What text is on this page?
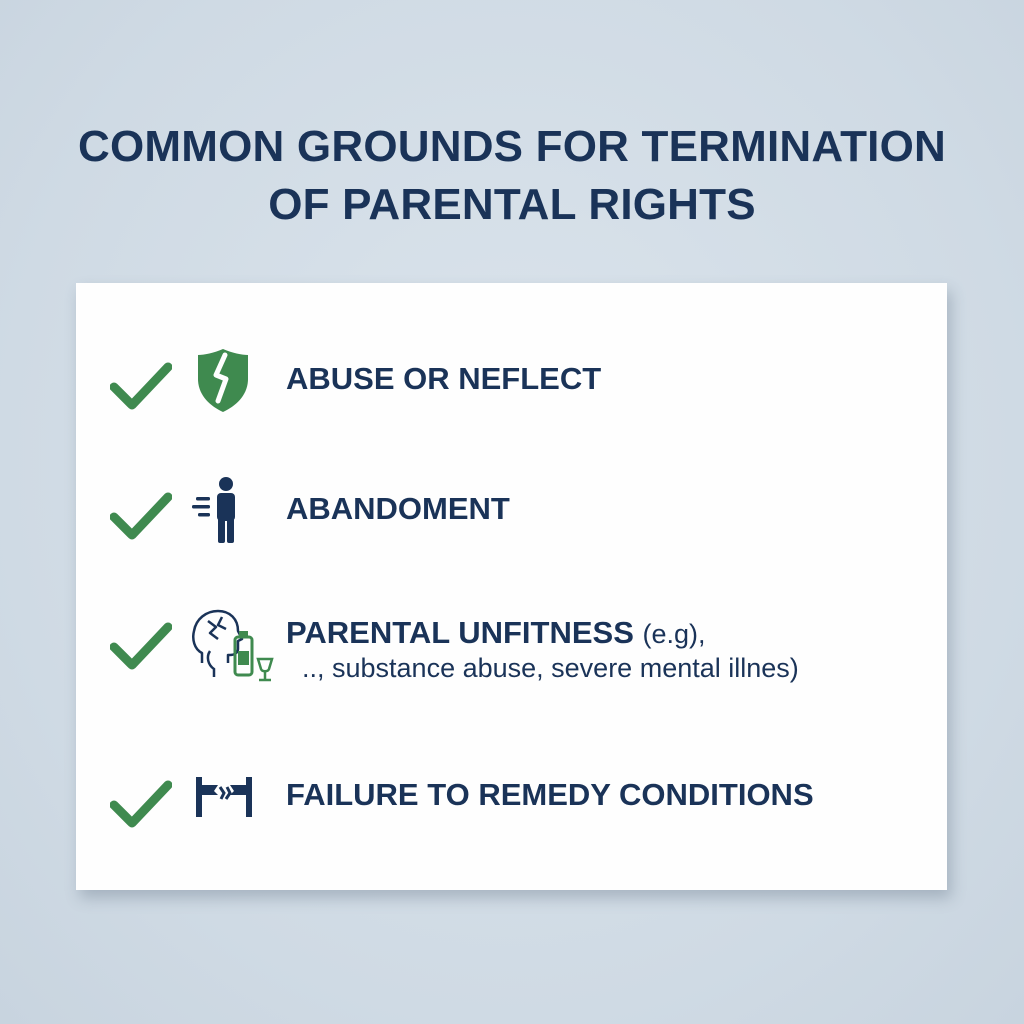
COMMON GROUNDS FOR TERMINATION
OF PARENTAL RIGHTS
ABUSE OR NEFLECT
ABANDOMENT
PARENTAL UNFITNESS (e.g),
.., substance abuse, severe mental illnes)
FAILURE TO REMEDY CONDITIONS
